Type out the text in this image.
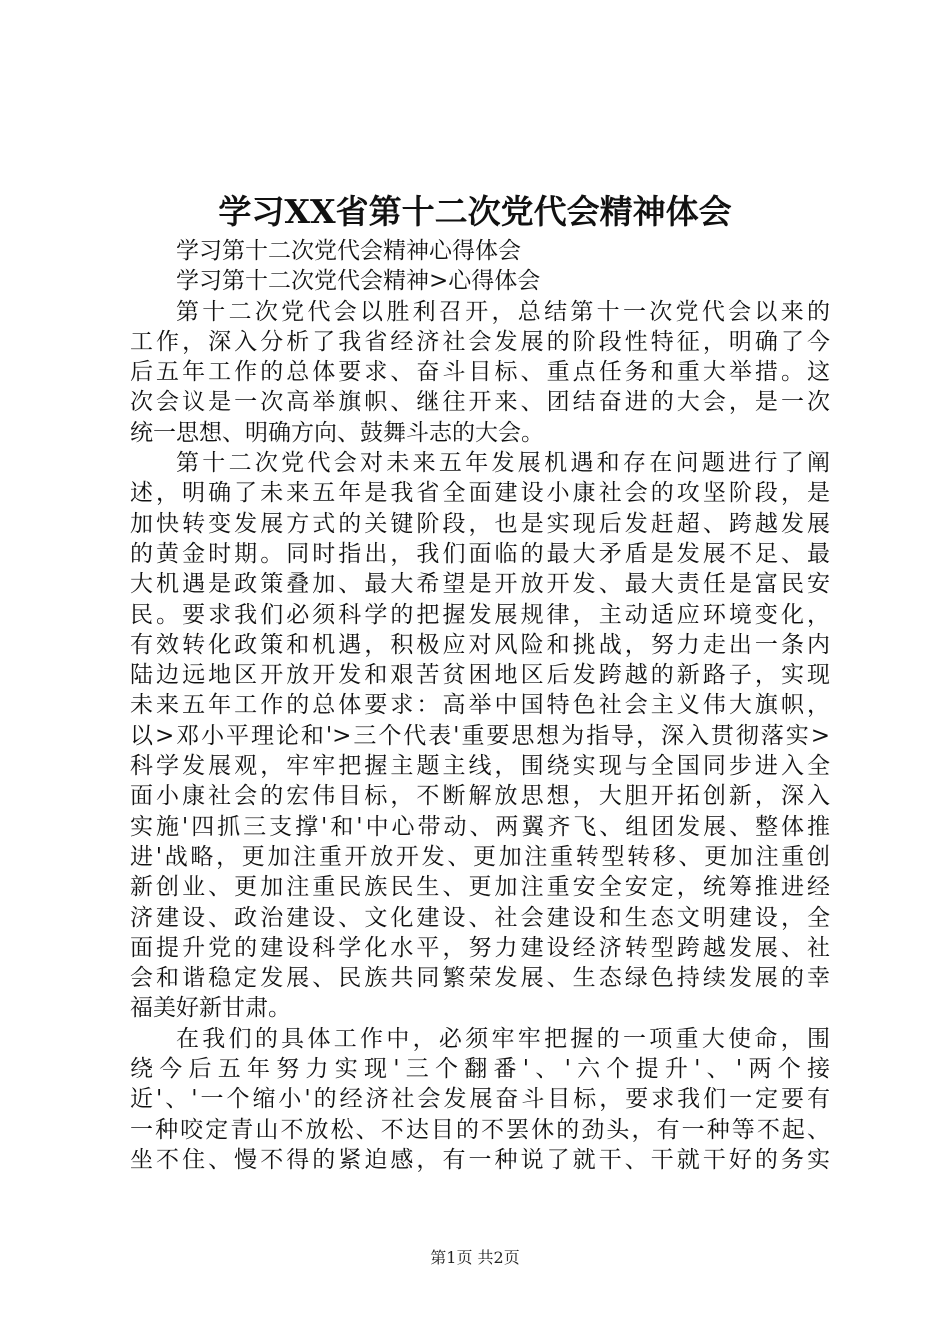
学习XX省第十二次党代会精神体会
学习第十二次党代会精神心得体会
学习第十二次党代会精神>心得体会
第十二次党代会以胜利召开，总结第十一次党代会以来的
工作，深入分析了我省经济社会发展的阶段性特征，明确了今
后五年工作的总体要求、奋斗目标、重点任务和重大举措。这
次会议是一次高举旗帜、继往开来、团结奋进的大会，是一次
统一思想、明确方向、鼓舞斗志的大会。
第十二次党代会对未来五年发展机遇和存在问题进行了阐
述，明确了未来五年是我省全面建设小康社会的攻坚阶段，是
加快转变发展方式的关键阶段，也是实现后发赶超、跨越发展
的黄金时期。同时指出，我们面临的最大矛盾是发展不足、最
大机遇是政策叠加、最大希望是开放开发、最大责任是富民安
民。要求我们必须科学的把握发展规律，主动适应环境变化，
有效转化政策和机遇，积极应对风险和挑战，努力走出一条内
陆边远地区开放开发和艰苦贫困地区后发跨越的新路子，实现
未来五年工作的总体要求：高举中国特色社会主义伟大旗帜，
以>邓小平理论和'>三个代表'重要思想为指导，深入贯彻落实>
科学发展观，牢牢把握主题主线，围绕实现与全国同步进入全
面小康社会的宏伟目标，不断解放思想，大胆开拓创新，深入
实施'四抓三支撑'和'中心带动、两翼齐飞、组团发展、整体推
进'战略，更加注重开放开发、更加注重转型转移、更加注重创
新创业、更加注重民族民生、更加注重安全安定，统筹推进经
济建设、政治建设、文化建设、社会建设和生态文明建设，全
面提升党的建设科学化水平，努力建设经济转型跨越发展、社
会和谐稳定发展、民族共同繁荣发展、生态绿色持续发展的幸
福美好新甘肃。
在我们的具体工作中，必须牢牢把握的一项重大使命，围
绕今后五年努力实现'三个翻番'、'六个提升'、'两个接
近'、'一个缩小'的经济社会发展奋斗目标，要求我们一定要有
一种咬定青山不放松、不达目的不罢休的劲头，有一种等不起、
坐不住、慢不得的紧迫感，有一种说了就干、干就干好的务实
第1页 共2页
